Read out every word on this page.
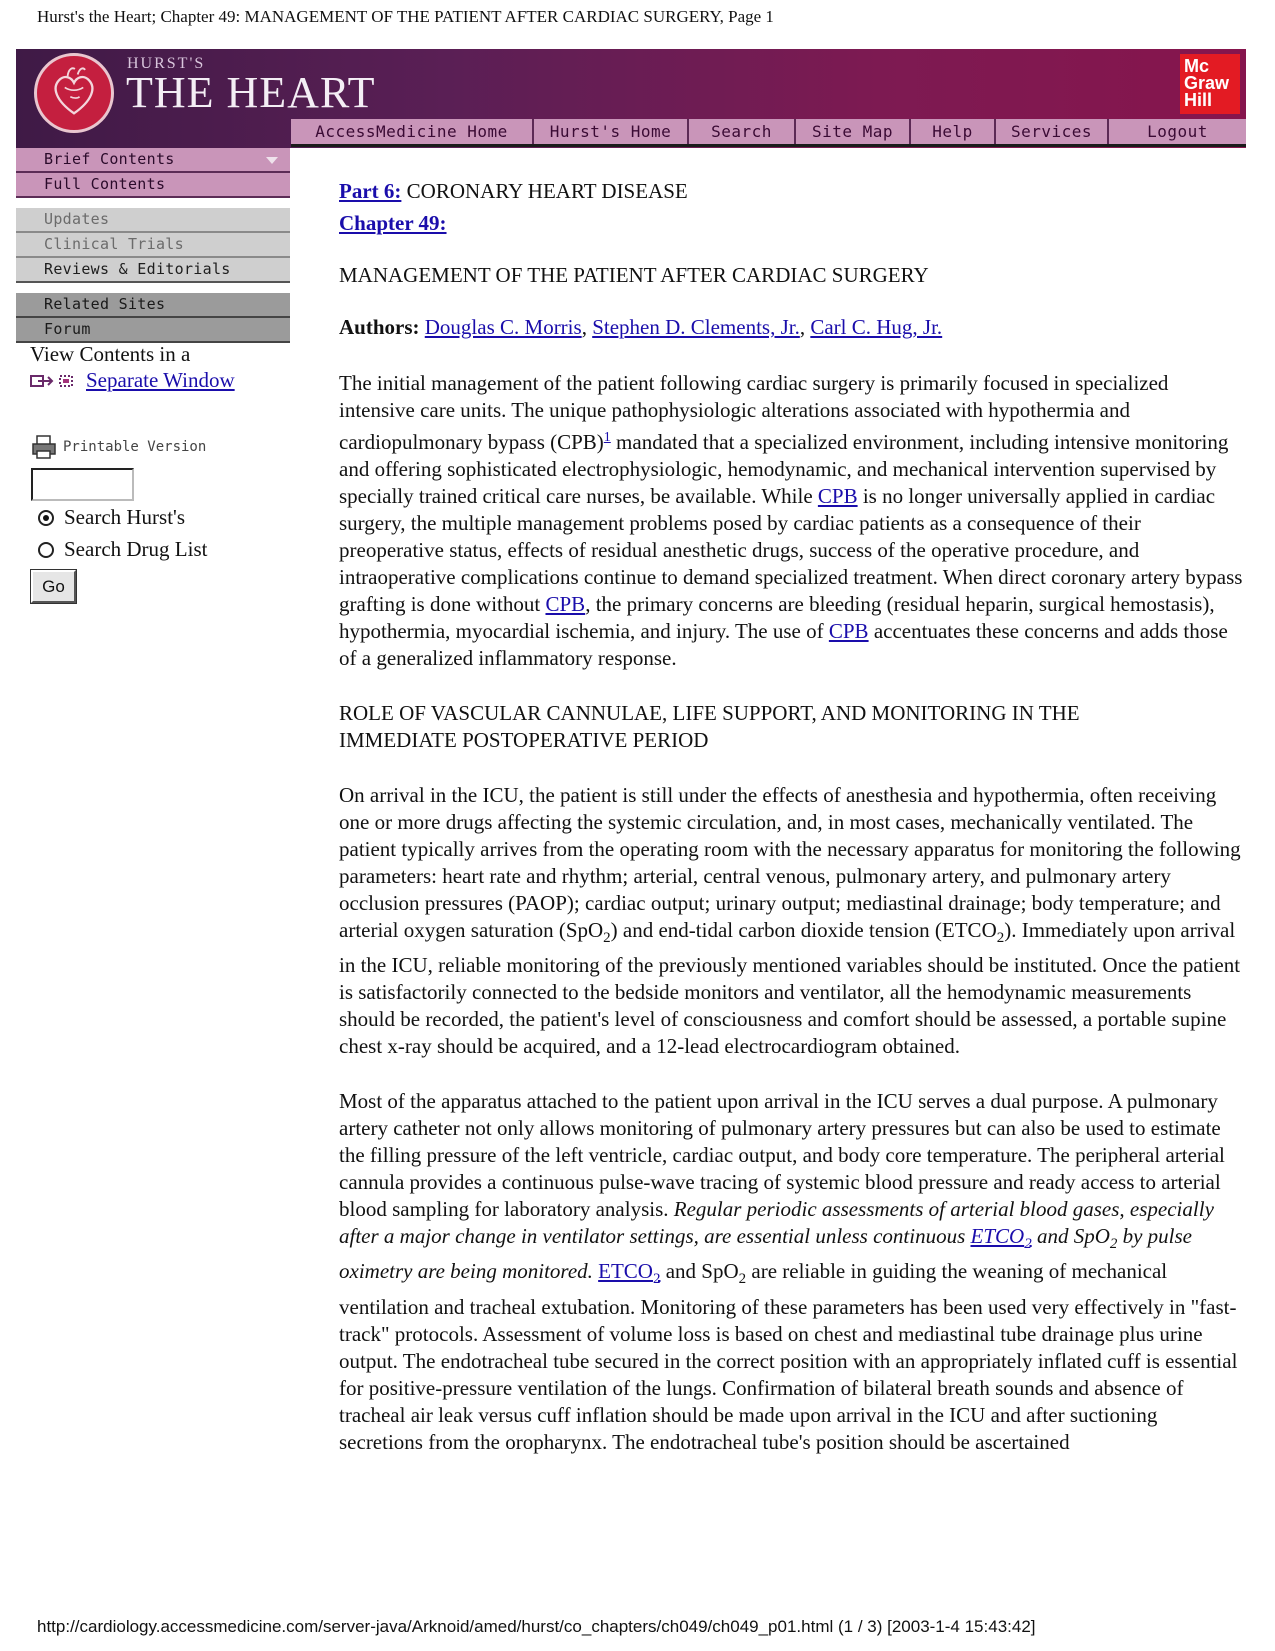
Hurst's the Heart; Chapter 49: MANAGEMENT OF THE PATIENT AFTER CARDIAC SURGERY, Page 1
HURST'S
THE HEART
Mc
Graw
Hill
AccessMedicine Home	Hurst's Home	Search	Site Map	Help	Services	Logout
Brief Contents
Full Contents
Updates
Clinical Trials
Reviews & Editorials
Related Sites
Forum
View Contents in a
Separate Window
Printable Version
Search Hurst's
Search Drug List
Go
Part 6: CORONARY HEART DISEASE
Chapter 49:
MANAGEMENT OF THE PATIENT AFTER CARDIAC SURGERY
Authors: Douglas C. Morris, Stephen D. Clements, Jr., Carl C. Hug, Jr.

The initial management of the patient following cardiac surgery is primarily focused in specialized intensive care units. The unique pathophysiologic alterations associated with hypothermia and cardiopulmonary bypass (CPB)$^1$ mandated that a specialized environment, including intensive monitoring and offering sophisticated electrophysiologic, hemodynamic, and mechanical intervention supervised by specially trained critical care nurses, be available. While CPB is no longer universally applied in cardiac surgery, the multiple management problems posed by cardiac patients as a consequence of their preoperative status, effects of residual anesthetic drugs, success of the operative procedure, and intraoperative complications continue to demand specialized treatment. When direct coronary artery bypass grafting is done without CPB, the primary concerns are bleeding (residual heparin, surgical hemostasis), hypothermia, myocardial ischemia, and injury. The use of CPB accentuates these concerns and adds those of a generalized inflammatory response.

ROLE OF VASCULAR CANNULAE, LIFE SUPPORT, AND MONITORING IN THE IMMEDIATE POSTOPERATIVE PERIOD

On arrival in the ICU, the patient is still under the effects of anesthesia and hypothermia, often receiving one or more drugs affecting the systemic circulation, and, in most cases, mechanically ventilated. The patient typically arrives from the operating room with the necessary apparatus for monitoring the following parameters: heart rate and rhythm; arterial, central venous, pulmonary artery, and pulmonary artery occlusion pressures (PAOP); cardiac output; urinary output; mediastinal drainage; body temperature; and arterial oxygen saturation (SpO$_2$) and end-tidal carbon dioxide tension $(ETCO_2)$. Immediately upon arrival in the ICU, reliable monitoring of the previously mentioned variables should be instituted. Once the patient is satisfactorily connected to the bedside monitors and ventilator, all the hemodynamic measurements should be recorded, the patient's level of consciousness and comfort should be assessed, a portable supine chest x-ray should be acquired, and a 12-lead electrocardiogram obtained.

Most of the apparatus attached to the patient upon arrival in the ICU serves a dual purpose. A pulmonary artery catheter not only allows monitoring of pulmonary artery pressures but can also be used to estimate the filling pressure of the left ventricle, cardiac output, and body core temperature. The peripheral arterial cannula provides a continuous pulse-wave tracing of systemic blood pressure and ready access to arterial blood sampling for laboratory analysis. Regular periodic assessments of arterial blood gases, especially after a major change in ventilator settings, are essential unless continuous $ETCO_2$ and SpO$_2$ by pulse oximetry are being monitored. $ETCO_2$ and SpO$_2$ are reliable in guiding the weaning of mechanical ventilation and tracheal extubation. Monitoring of these parameters has been used very effectively in "fast-track" protocols. Assessment of volume loss is based on chest and mediastinal tube drainage plus urine output. The endotracheal tube secured in the correct position with an appropriately inflated cuff is essential for positive-pressure ventilation of the lungs. Confirmation of bilateral breath sounds and absence of tracheal air leak versus cuff inflation should be made upon arrival in the ICU and after suctioning secretions from the oropharynx. The endotracheal tube's position should be ascertained

http://cardiology.accessmedicine.com/server-java/Arknoid/amed/hurst/co_chapters/ch049/ch049_p01.html (1 / 3) [2003-1-4 15:43:42]
